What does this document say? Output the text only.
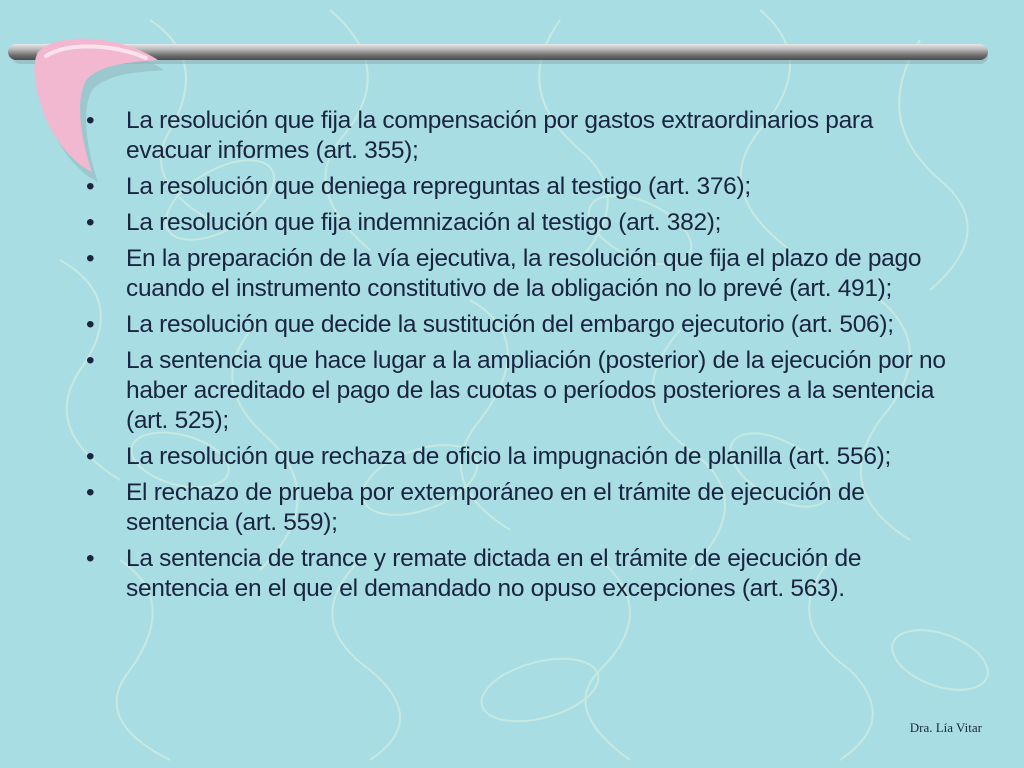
• La resolución que fija la compensación por gastos extraordinarios para evacuar informes (art. 355);
• La resolución que deniega repreguntas al testigo (art. 376);
• La resolución que fija indemnización al testigo (art. 382);
• En la preparación de la vía ejecutiva, la resolución que fija el plazo de pago cuando el instrumento constitutivo de la obligación no lo prevé (art. 491);
• La resolución que decide la sustitución del embargo ejecutorio (art. 506);
• La sentencia que hace lugar a la ampliación (posterior) de la ejecución por no haber acreditado el pago de las cuotas o períodos posteriores a la sentencia (art. 525);
• La resolución que rechaza de oficio la impugnación de planilla (art. 556);
• El rechazo de prueba por extemporáneo en el trámite de ejecución de sentencia (art. 559);
• La sentencia de trance y remate dictada en el trámite de ejecución de sentencia en el que el demandado no opuso excepciones (art. 563).
Dra. Lía Vitar
